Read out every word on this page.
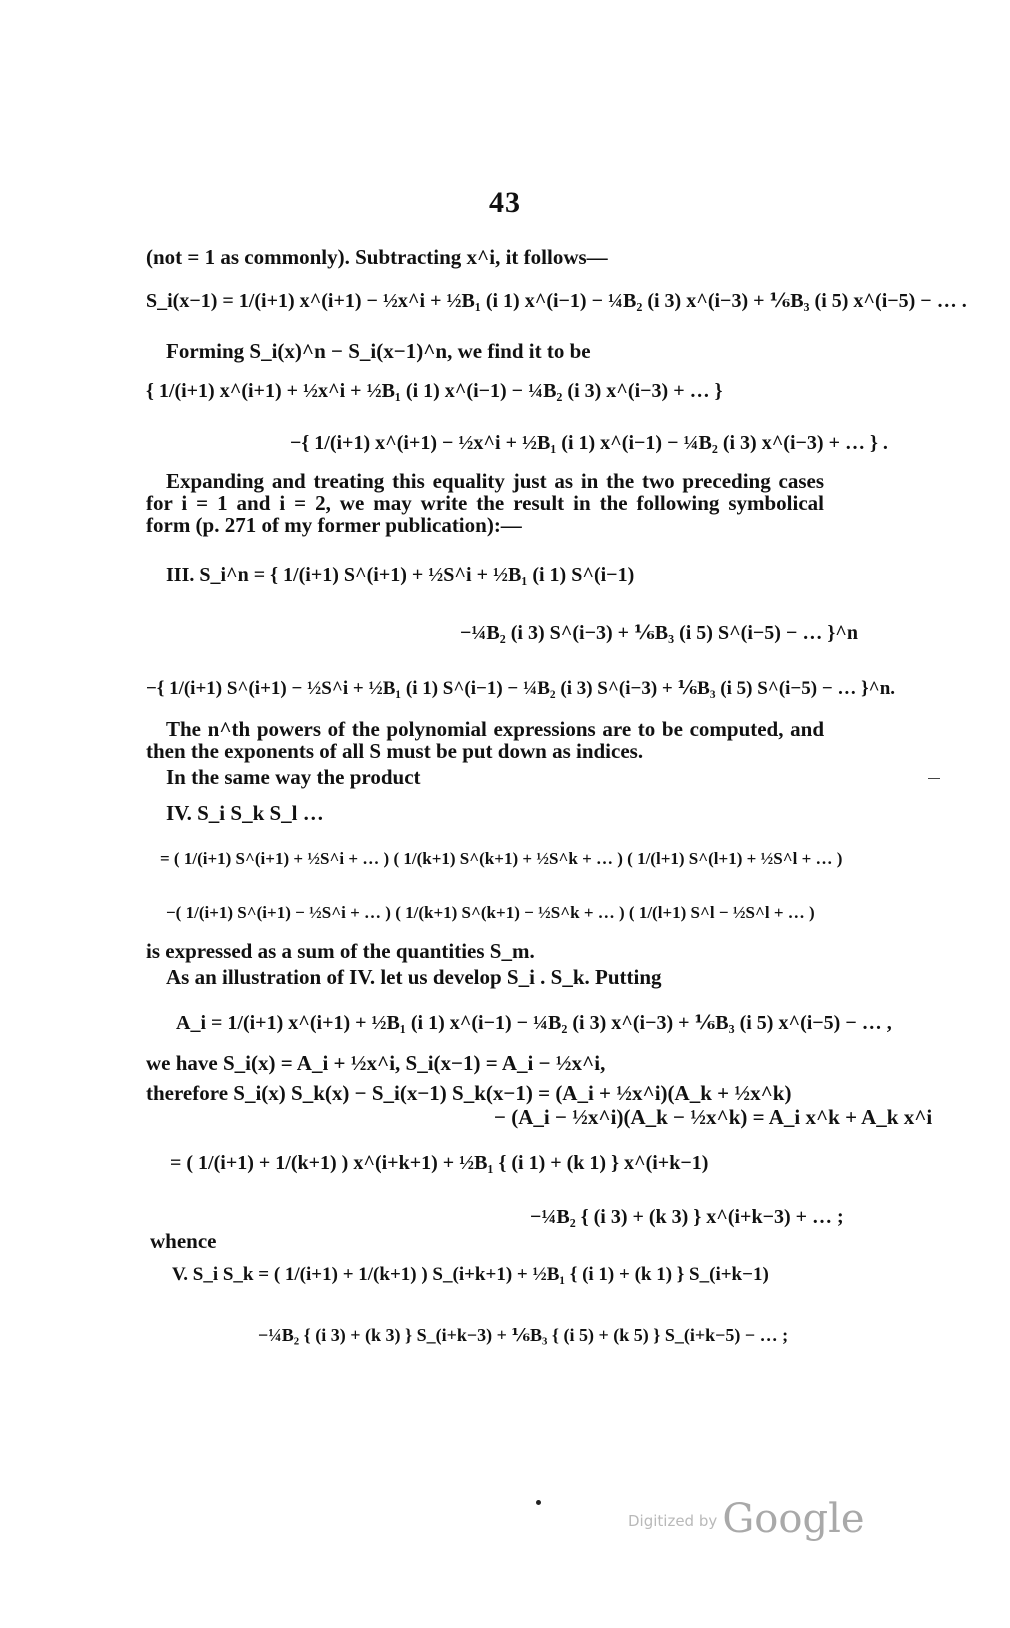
43
(not = 1 as commonly). Subtracting x^i, it follows—
S_i(x−1) = 1/(i+1) x^(i+1) − ½x^i + ½B₁ (i 1) x^(i−1) − ¼B₂ (i 3) x^(i−3) + ⅙B₃ (i 5) x^(i−5) − … .
Forming S_i(x)^n − S_i(x−1)^n, we find it to be
{ 1/(i+1) x^(i+1) + ½x^i + ½B₁ (i 1) x^(i−1) − ¼B₂ (i 3) x^(i−3) + … }
−{ 1/(i+1) x^(i+1) − ½x^i + ½B₁ (i 1) x^(i−1) − ¼B₂ (i 3) x^(i−3) + … } .
Expanding and treating this equality just as in the two preceding cases
for i = 1 and i = 2, we may write the result in the following symbolical
form (p. 271 of my former publication):—
III. S_i^n = { 1/(i+1) S^(i+1) + ½S^i + ½B₁ (i 1) S^(i−1)
−¼B₂ (i 3) S^(i−3) + ⅙B₃ (i 5) S^(i−5) − … }^n
−{ 1/(i+1) S^(i+1) − ½S^i + ½B₁ (i 1) S^(i−1) − ¼B₂ (i 3) S^(i−3) + ⅙B₃ (i 5) S^(i−5) − … }^n.
The n^th powers of the polynomial expressions are to be computed, and
then the exponents of all S must be put down as indices.
In the same way the product
IV. S_i S_k S_l …
= ( 1/(i+1) S^(i+1) + ½S^i + … ) ( 1/(k+1) S^(k+1) + ½S^k + … ) ( 1/(l+1) S^(l+1) + ½S^l + … )
−( 1/(i+1) S^(i+1) − ½S^i + … ) ( 1/(k+1) S^(k+1) − ½S^k + … ) ( 1/(l+1) S^l − ½S^l + … )
is expressed as a sum of the quantities S_m.
As an illustration of IV. let us develop S_i . S_k. Putting
A_i = 1/(i+1) x^(i+1) + ½B₁ (i 1) x^(i−1) − ¼B₂ (i 3) x^(i−3) + ⅙B₃ (i 5) x^(i−5) − … ,
we have S_i(x) = A_i + ½x^i, S_i(x−1) = A_i − ½x^i,
therefore S_i(x) S_k(x) − S_i(x−1) S_k(x−1) = (A_i + ½x^i)(A_k + ½x^k)
− (A_i − ½x^i)(A_k − ½x^k) = A_i x^k + A_k x^i
= ( 1/(i+1) + 1/(k+1) ) x^(i+k+1) + ½B₁ { (i 1) + (k 1) } x^(i+k−1)
−¼B₂ { (i 3) + (k 3) } x^(i+k−3) + … ;
whence
V. S_i S_k = ( 1/(i+1) + 1/(k+1) ) S_(i+k+1) + ½B₁ { (i 1) + (k 1) } S_(i+k−1)
−¼B₂ { (i 3) + (k 3) } S_(i+k−3) + ⅙B₃ { (i 5) + (k 5) } S_(i+k−5) − … ;
Digitized by Google
